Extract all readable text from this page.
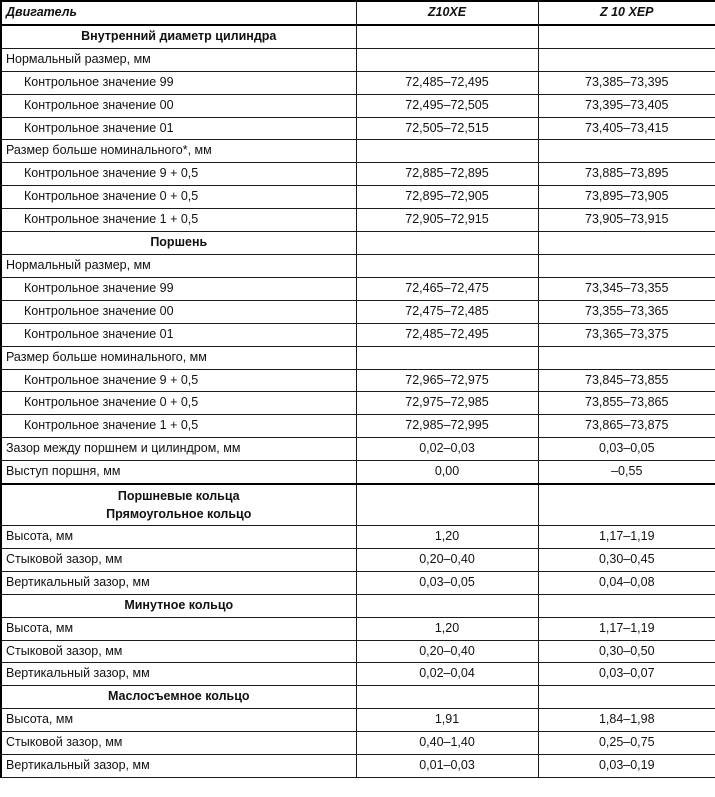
Двигатель	Z10XE	Z 10 XEP
Внутренний диаметр цилиндра		
Нормальный размер, мм		
Контрольное значение 99	72,485–72,495	73,385–73,395
Контрольное значение 00	72,495–72,505	73,395–73,405
Контрольное значение 01	72,505–72,515	73,405–73,415
Размер больше номинального*, мм		
Контрольное значение 9 + 0,5	72,885–72,895	73,885–73,895
Контрольное значение 0 + 0,5	72,895–72,905	73,895–73,905
Контрольное значение 1 + 0,5	72,905–72,915	73,905–73,915
Поршень		
Нормальный размер, мм		
Контрольное значение 99	72,465–72,475	73,345–73,355
Контрольное значение 00	72,475–72,485	73,355–73,365
Контрольное значение 01	72,485–72,495	73,365–73,375
Размер больше номинального, мм		
Контрольное значение 9 + 0,5	72,965–72,975	73,845–73,855
Контрольное значение 0 + 0,5	72,975–72,985	73,855–73,865
Контрольное значение 1 + 0,5	72,985–72,995	73,865–73,875
Зазор между поршнем и цилиндром, мм	0,02–0,03	0,03–0,05
Выступ поршня, мм	0,00	–0,55

Поршневые кольца
Прямоугольное кольцо		

Высота, мм	1,20	1,17–1,19
Стыковой зазор, мм	0,20–0,40	0,30–0,45
Вертикальный зазор, мм	0,03–0,05	0,04–0,08
Минутное кольцо		
Высота, мм	1,20	1,17–1,19
Стыковой зазор, мм	0,20–0,40	0,30–0,50
Вертикальный зазор, мм	0,02–0,04	0,03–0,07
Маслосъемное кольцо		
Высота, мм	1,91	1,84–1,98
Стыковой зазор, мм	0,40–1,40	0,25–0,75
Вертикальный зазор, мм	0,01–0,03	0,03–0,19
